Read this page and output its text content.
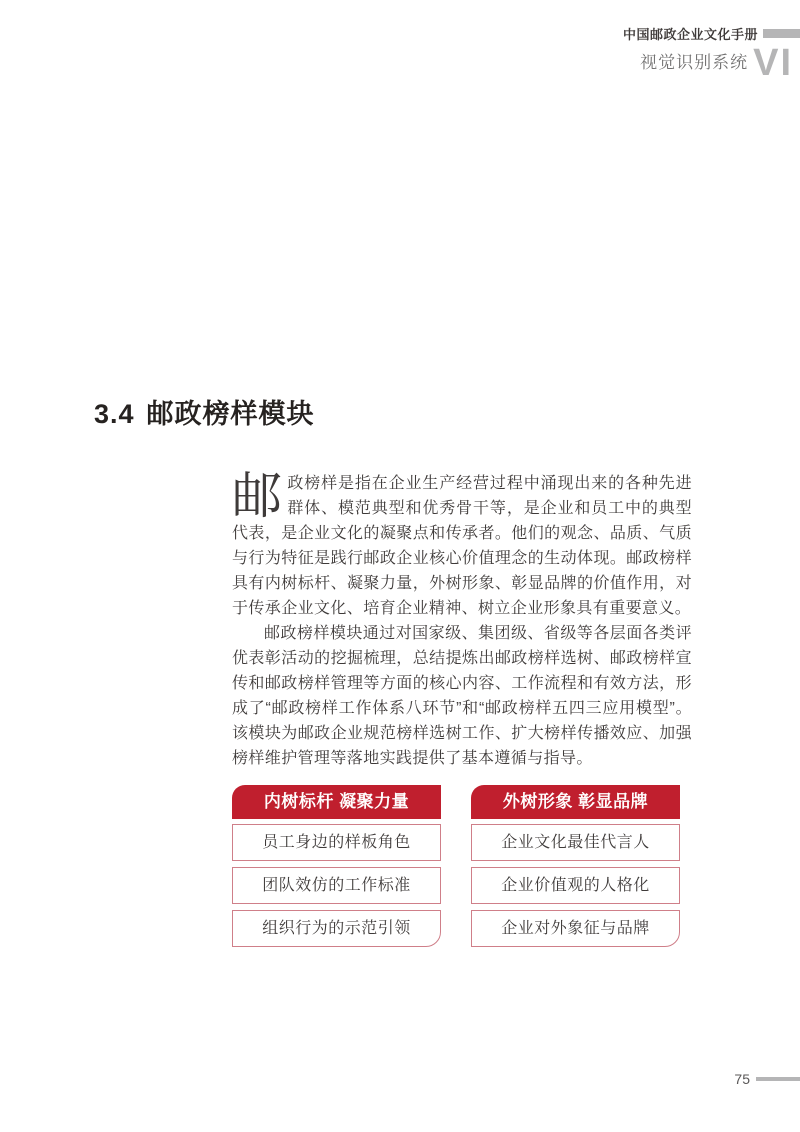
中国邮政企业文化手册
视觉识别系统 VI
3.4 邮政榜样模块

邮政榜样是指在企业生产经营过程中涌现出来的各种先进群体、模范典型和优秀骨干等，是企业和员工中的典型代表，是企业文化的凝聚点和传承者。他们的观念、品质、气质与行为特征是践行邮政企业核心价值理念的生动体现。邮政榜样具有内树标杆、凝聚力量，外树形象、彰显品牌的价值作用，对于传承企业文化、培育企业精神、树立企业形象具有重要意义。

邮政榜样模块通过对国家级、集团级、省级等各层面各类评优表彰活动的挖掘梳理，总结提炼出邮政榜样选树、邮政榜样宣传和邮政榜样管理等方面的核心内容、工作流程和有效方法，形成了“邮政榜样工作体系八环节”和“邮政榜样五四三应用模型”。该模块为邮政企业规范榜样选树工作、扩大榜样传播效应、加强榜样维护管理等落地实践提供了基本遵循与指导。

内树标杆 凝聚力量
员工身边的样板角色
团队效仿的工作标准
组织行为的示范引领
外树形象 彰显品牌
企业文化最佳代言人
企业价值观的人格化
企业对外象征与品牌
75
